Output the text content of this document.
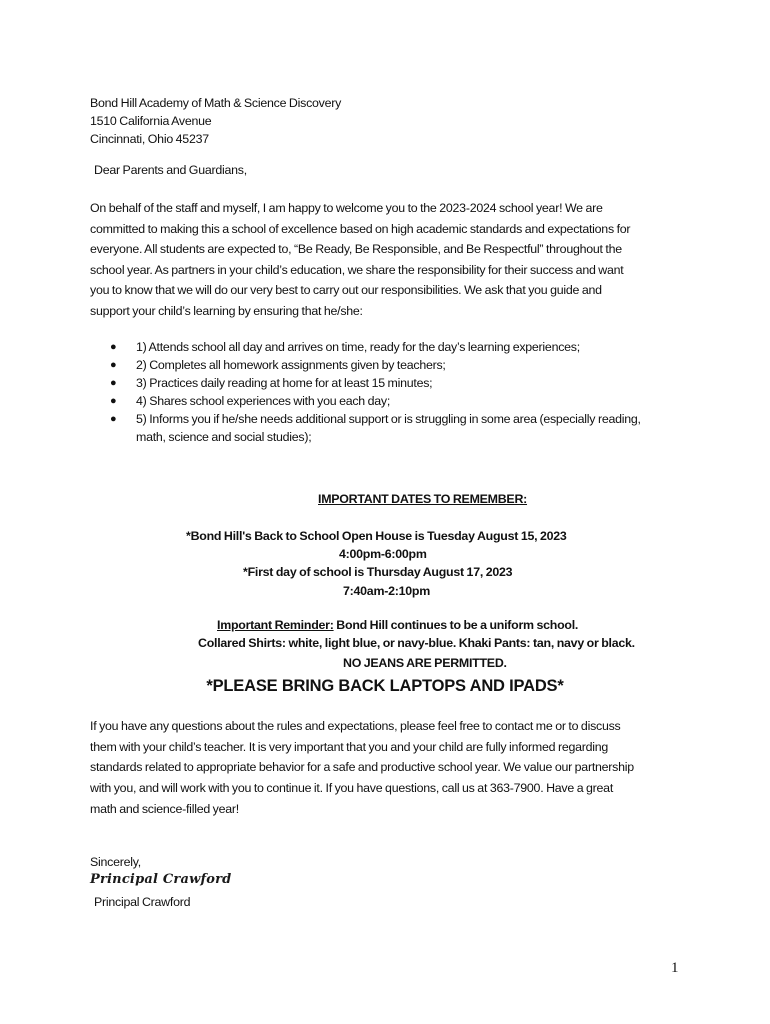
Bond Hill Academy of Math & Science Discovery
1510 California Avenue
Cincinnati, Ohio 45237
Dear Parents and Guardians,
On behalf of the staff and myself, I am happy to welcome you to the 2023-2024 school year! We are
committed to making this a school of excellence based on high academic standards and expectations for
everyone. All students are expected to, “Be Ready, Be Responsible, and Be Respectful” throughout the
school year. As partners in your child’s education, we share the responsibility for their success and want
you to know that we will do our very best to carry out our responsibilities. We ask that you guide and
support your child’s learning by ensuring that he/she:
● 1) Attends school all day and arrives on time, ready for the day’s learning experiences;
● 2) Completes all homework assignments given by teachers;
● 3) Practices daily reading at home for at least 15 minutes;
● 4) Shares school experiences with you each day;
● 5) Informs you if he/she needs additional support or is struggling in some area (especially reading,
math, science and social studies);
IMPORTANT DATES TO REMEMBER:
*Bond Hill's Back to School Open House is Tuesday August 15, 2023
4:00pm-6:00pm
*First day of school is Thursday August 17, 2023
7:40am-2:10pm
Important Reminder: Bond Hill continues to be a uniform school.
Collared Shirts: white, light blue, or navy-blue. Khaki Pants: tan, navy or black.
NO JEANS ARE PERMITTED.
*PLEASE BRING BACK LAPTOPS AND IPADS*
If you have any questions about the rules and expectations, please feel free to contact me or to discuss
them with your child’s teacher. It is very important that you and your child are fully informed regarding
standards related to appropriate behavior for a safe and productive school year. We value our partnership
with you, and will work with you to continue it. If you have questions, call us at 363-7900. Have a great
math and science-filled year!
Sincerely,
Principal Crawford
Principal Crawford
1
